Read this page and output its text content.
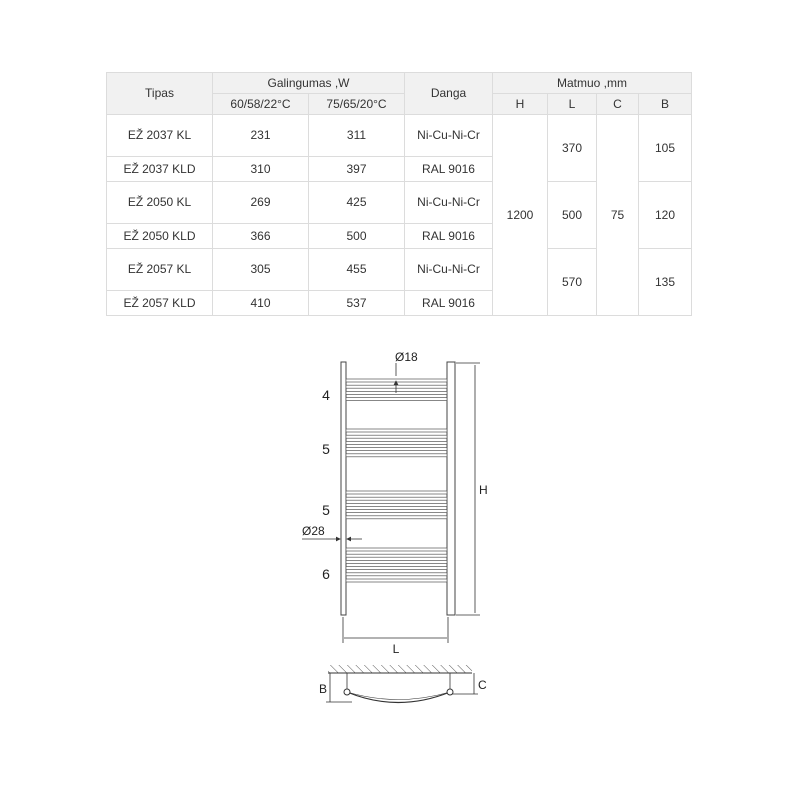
Tipas	Galingumas ,W		Danga	Matmuo ,mm			
	60/58/22°C	75/65/20°C		H	L	C	B
EŽ 2037 KL	231	311	Ni-Cu-Ni-Cr	1200	370	75	105
EŽ 2037 KLD	310	397	RAL 9016				
EŽ 2050 KL	269	425	Ni-Cu-Ni-Cr		500		120
EŽ 2050 KLD	366	500	RAL 9016				
EŽ 2057 KL	305	455	Ni-Cu-Ni-Cr		570		135
EŽ 2057 KLD	410	537	RAL 9016				
4
5
5
6
Ø18
Ø28
H
L
B	C
